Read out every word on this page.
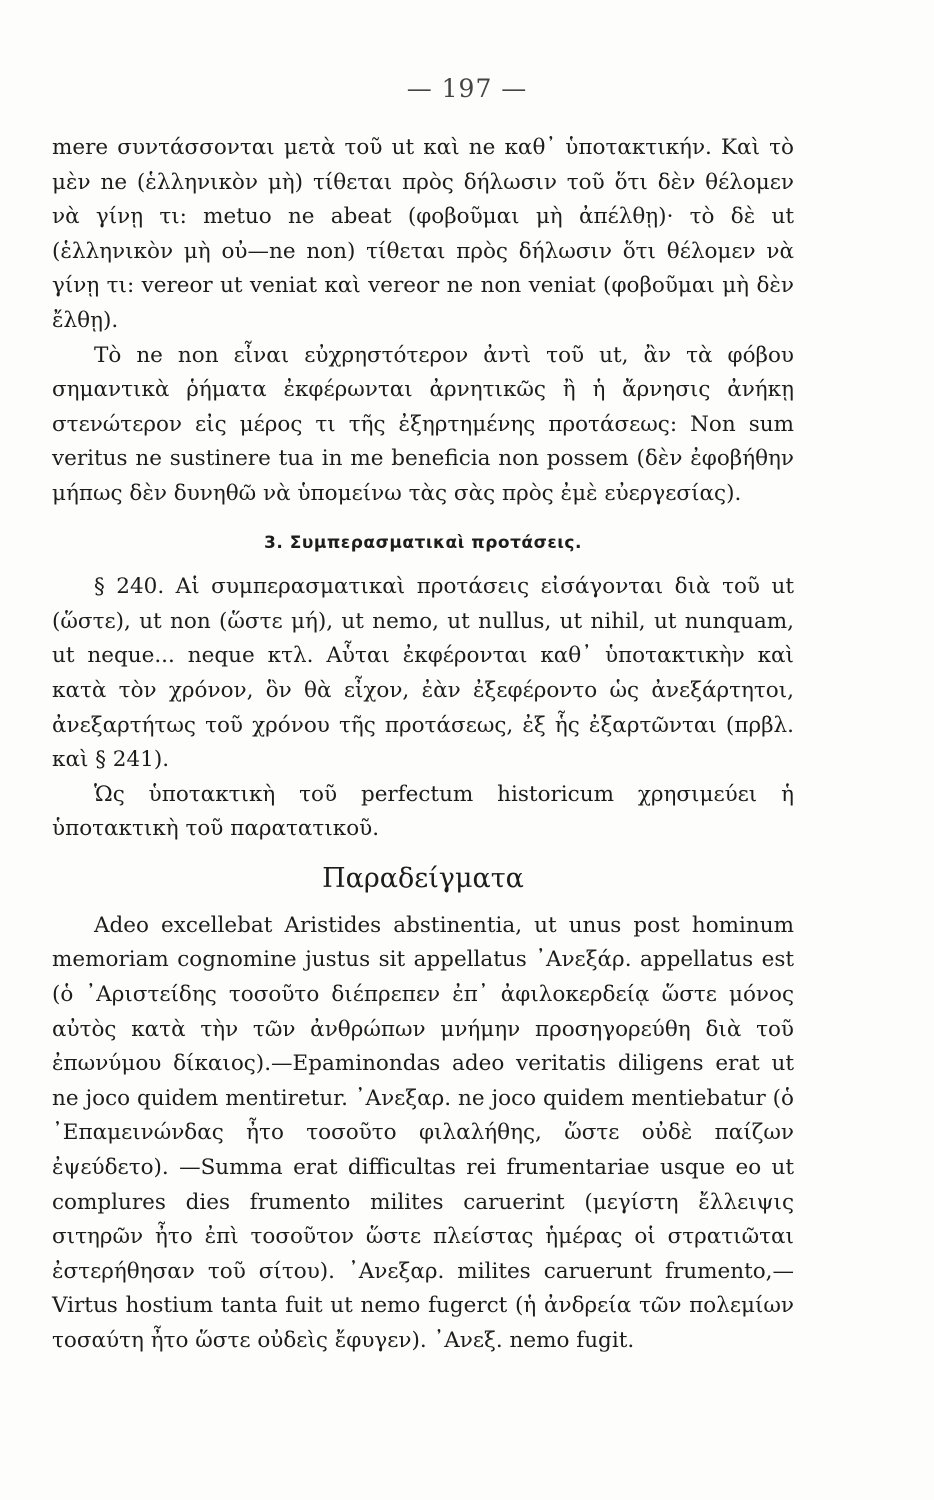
— 197 —

mere συντάσσονται μετὰ τοῦ ut καὶ ne καθ᾿ ὑποτακτικήν. Καὶ τὸ μὲν ne (ἑλληνικὸν μὴ) τίθεται πρὸς δήλωσιν τοῦ ὅτι δὲν θέλομεν νὰ γίνῃ τι: metuo ne abeat (φοβοῦμαι μὴ ἀπέλθῃ)· τὸ δὲ ut (ἑλληνικὸν μὴ οὐ—ne non) τίθεται πρὸς δήλωσιν ὅτι θέλομεν νὰ γίνῃ τι: vereor ut veniat καὶ vereor ne non veniat (φοβοῦμαι μὴ δὲν ἔλθῃ).

Τὸ ne non εἶναι εὐχρηστότερον ἀντὶ τοῦ ut, ἂν τὰ φόβου σημαντικὰ ῥήματα ἐκφέρωνται ἀρνητικῶς ἢ ἡ ἄρνησις ἀνήκῃ στενώτερον εἰς μέρος τι τῆς ἐξηρτημένης προτάσεως: Non sum veritus ne sustinere tua in me beneficia non possem (δὲν ἐφοβήθην μήπως δὲν δυνηθῶ νὰ ὑπομείνω τὰς σὰς πρὸς ἐμὲ εὐεργεσίας).

3. Συμπερασματικαὶ προτάσεις.

§ 240. Αἱ συμπερασματικαὶ προτάσεις εἰσάγονται διὰ τοῦ ut (ὥστε), ut non (ὥστε μή), ut nemo, ut nullus, ut nihil, ut nunquam, ut neque... neque κτλ. Αὗται ἐκφέρονται καθ᾿ ὑποτακτικὴν καὶ κατὰ τὸν χρόνον, ὃν θὰ εἶχον, ἐὰν ἐξεφέροντο ὡς ἀνεξάρτητοι, ἀνεξαρτήτως τοῦ χρόνου τῆς προτάσεως, ἐξ ἧς ἐξαρτῶνται (πρβλ. καὶ § 241).

Ὡς ὑποτακτικὴ τοῦ perfectum historicum χρησιμεύει ἡ ὑποτακτικὴ τοῦ παρατατικοῦ.

Παραδείγματα

Adeo excellebat Aristides abstinentia, ut unus post hominum memoriam cognomine justus sit appellatus ᾿Ανεξάρ. appellatus est (ὁ ᾿Αριστείδης τοσοῦτο διέπρεπεν ἐπ᾿ ἀφιλοκερδείᾳ ὥστε μόνος αὐτὸς κατὰ τὴν τῶν ἀνθρώπων μνήμην προσηγορεύθη διὰ τοῦ ἐπωνύμου δίκαιος).—Epaminondas adeo veritatis diligens erat ut ne joco quidem mentiretur. ᾿Ανεξαρ. ne joco quidem mentiebatur (ὁ ᾿Επαμεινώνδας ἦτο τοσοῦτο φιλαλήθης, ὥστε οὐδὲ παίζων ἐψεύδετο). —Summa erat difficultas rei frumentariae usque eo ut complures dies frumento milites caruerint (μεγίστη ἔλλειψις σιτηρῶν ἦτο ἐπὶ τοσοῦτον ὥστε πλείστας ἡμέρας οἱ στρατιῶται ἐστερήθησαν τοῦ σίτου). ᾿Ανεξαρ. milites caruerunt frumento,—Virtus hostium tanta fuit ut nemo fugerct (ἡ ἀνδρεία τῶν πολεμίων τοσαύτη ἦτο ὥστε οὐδεὶς ἔφυγεν). ᾿Ανεξ. nemo fugit.
